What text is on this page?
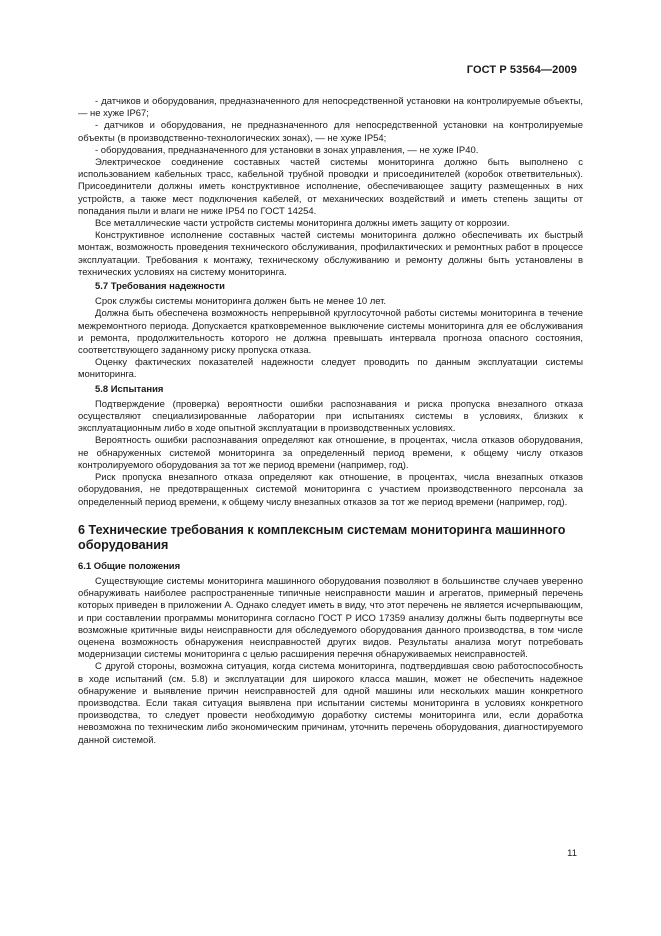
ГОСТ Р 53564—2009

- датчиков и оборудования, предназначенного для непосредственной установки на контролируемые объекты, — не хуже IP67;

- датчиков и оборудования, не предназначенного для непосредственной установки на контролируемые объекты (в производственно-технологических зонах), — не хуже IP54;

- оборудования, предназначенного для установки в зонах управления, — не хуже IP40.

Электрическое соединение составных частей системы мониторинга должно быть выполнено с использованием кабельных трасс, кабельной трубной проводки и присоединителей (коробок ответвительных). Присоединители должны иметь конструктивное исполнение, обеспечивающее защиту размещенных в них устройств, а также мест подключения кабелей, от механических воздействий и иметь степень защиты от попадания пыли и влаги не ниже IP54 по ГОСТ 14254.

Все металлические части устройств системы мониторинга должны иметь защиту от коррозии.

Конструктивное исполнение составных частей системы мониторинга должно обеспечивать их быстрый монтаж, возможность проведения технического обслуживания, профилактических и ремонтных работ в процессе эксплуатации. Требования к монтажу, техническому обслуживанию и ремонту должны быть установлены в технических условиях на систему мониторинга.

5.7 Требования надежности

Срок службы системы мониторинга должен быть не менее 10 лет.

Должна быть обеспечена возможность непрерывной круглосуточной работы системы мониторинга в течение межремонтного периода. Допускается кратковременное выключение системы мониторинга для ее обслуживания и ремонта, продолжительность которого не должна превышать интервала прогноза опасного состояния, соответствующего заданному риску пропуска отказа.

Оценку фактических показателей надежности следует проводить по данным эксплуатации системы мониторинга.

5.8 Испытания

Подтверждение (проверка) вероятности ошибки распознавания и риска пропуска внезапного отказа осуществляют специализированные лаборатории при испытаниях системы в условиях, близких к эксплуатационным либо в ходе опытной эксплуатации в производственных условиях.

Вероятность ошибки распознавания определяют как отношение, в процентах, числа отказов оборудования, не обнаруженных системой мониторинга за определенный период времени, к общему числу отказов контролируемого оборудования за тот же период времени (например, год).

Риск пропуска внезапного отказа определяют как отношение, в процентах, числа внезапных отказов оборудования, не предотвращенных системой мониторинга с участием производственного персонала за определенный период времени, к общему числу внезапных отказов за тот же период времени (например, год).

6 Технические требования к комплексным системам мониторинга машинного оборудования
6.1 Общие положения

Существующие системы мониторинга машинного оборудования позволяют в большинстве случаев уверенно обнаруживать наиболее распространенные типичные неисправности машин и агрегатов, примерный перечень которых приведен в приложении А. Однако следует иметь в виду, что этот перечень не является исчерпывающим, и при составлении программы мониторинга согласно ГОСТ Р ИСО 17359 анализу должны быть подвергнуты все возможные критичные виды неисправности для обследуемого оборудования данного производства, в том числе оценена возможность обнаружения неисправностей других видов. Результаты анализа могут потребовать модернизации системы мониторинга с целью расширения перечня обнаруживаемых неисправностей.

С другой стороны, возможна ситуация, когда система мониторинга, подтвердившая свою работоспособность в ходе испытаний (см. 5.8) и эксплуатации для широкого класса машин, может не обеспечить надежное обнаружение и выявление причин неисправностей для одной машины или нескольких машин конкретного производства. Если такая ситуация выявлена при испытании системы мониторинга в условиях конкретного производства, то следует провести необходимую доработку системы мониторинга или, если доработка невозможна по техническим либо экономическим причинам, уточнить перечень оборудования, диагностируемого данной системой.

11
